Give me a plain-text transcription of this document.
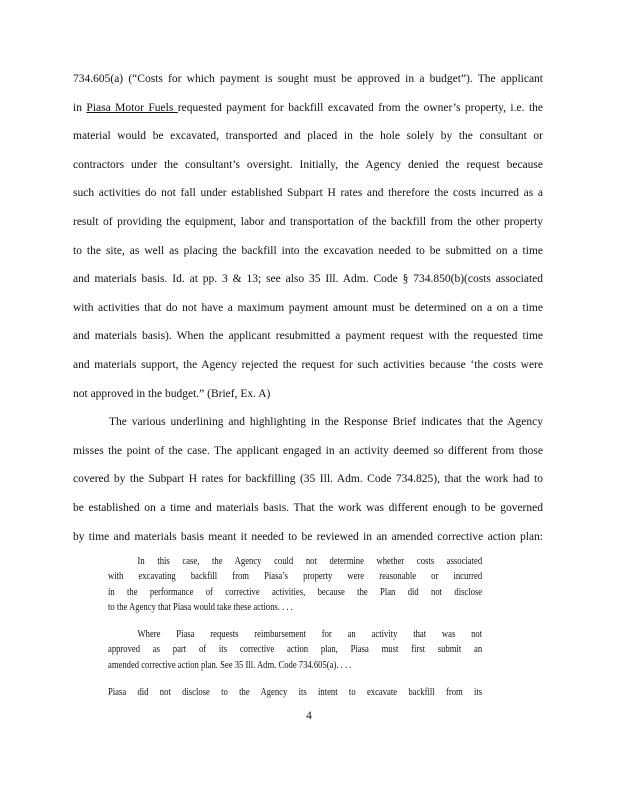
734.605(a) (“Costs for which payment is sought must be approved in a budget”). The applicant
in Piasa Motor Fuels requested payment for backfill excavated from the owner’s property, i.e. the
material would be excavated, transported and placed in the hole solely by the consultant or
contractors under the consultant’s oversight. Initially, the Agency denied the request because
such activities do not fall under established Subpart H rates and therefore the costs incurred as a
result of providing the equipment, labor and transportation of the backfill from the other property
to the site, as well as placing the backfill into the excavation needed to be submitted on a time
and materials basis. Id. at pp. 3 & 13; see also 35 Ill. Adm. Code § 734.850(b)(costs associated
with activities that do not have a maximum payment amount must be determined on a on a time
and materials basis). When the applicant resubmitted a payment request with the requested time
and materials support, the Agency rejected the request for such activities because ‘the costs were
not approved in the budget.” (Brief, Ex. A)
The various underlining and highlighting in the Response Brief indicates that the Agency
misses the point of the case. The applicant engaged in an activity deemed so different from those
covered by the Subpart H rates for backfilling (35 Ill. Adm. Code 734.825), that the work had to
be established on a time and materials basis. That the work was different enough to be governed
by time and materials basis meant it needed to be reviewed in an amended corrective action plan:
In this case, the Agency could not determine whether costs associated
with excavating backfill from Piasa’s property were reasonable or incurred
in the performance of corrective activities, because the Plan did not disclose
to the Agency that Piasa would take these actions. . . .
Where Piasa requests reimbursement for an activity that was not
approved as part of its corrective action plan, Piasa must first submit an
amended corrective action plan. See 35 Ill. Adm. Code 734.605(a). . . .
Piasa did not disclose to the Agency its intent to excavate backfill from its
4
